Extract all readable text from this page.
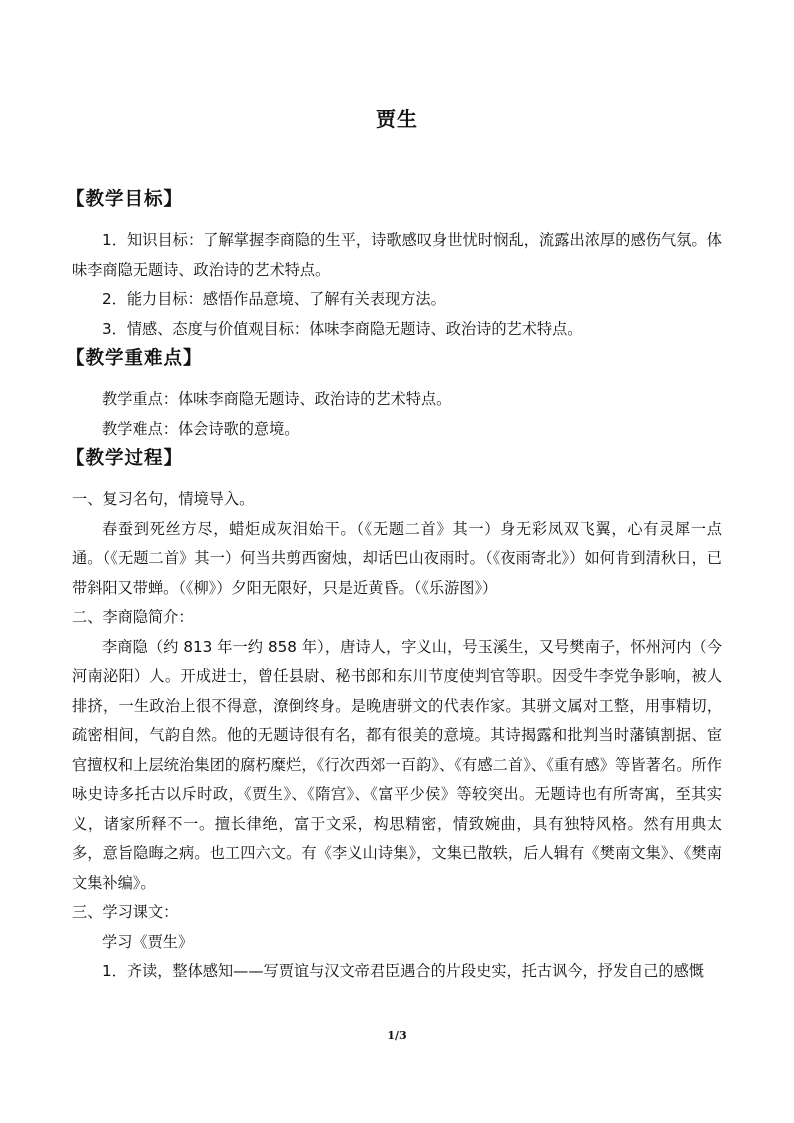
贾生
【教学目标】

1．知识目标：了解掌握李商隐的生平，诗歌感叹身世忧时悯乱，流露出浓厚的感伤气氛。体味李商隐无题诗、政治诗的艺术特点。

2．能力目标：感悟作品意境、了解有关表现方法。

3．情感、态度与价值观目标：体味李商隐无题诗、政治诗的艺术特点。

【教学重难点】

教学重点：体味李商隐无题诗、政治诗的艺术特点。

教学难点：体会诗歌的意境。

【教学过程】

一、复习名句，情境导入。

春蚕到死丝方尽，蜡炬成灰泪始干。（《无题二首》其一）身无彩凤双飞翼，心有灵犀一点通。（《无题二首》其一）何当共剪西窗烛，却话巴山夜雨时。（《夜雨寄北》）如何肯到清秋日，已带斜阳又带蝉。（《柳》）夕阳无限好，只是近黄昏。（《乐游图》）

二、李商隐简介：

李商隐（约 813 年一约 858 年），唐诗人，字义山，号玉溪生，又号樊南子，怀州河内（今河南泌阳）人。开成进士，曾任县尉、秘书郎和东川节度使判官等职。因受牛李党争影响，被人排挤，一生政治上很不得意，潦倒终身。是晚唐骈文的代表作家。其骈文属对工整，用事精切，疏密相间，气韵自然。他的无题诗很有名，都有很美的意境。其诗揭露和批判当时藩镇割据、宦官擅权和上层统治集团的腐朽糜烂，《行次西郊一百韵》、《有感二首》、《重有感》等皆著名。所作咏史诗多托古以斥时政，《贾生》、《隋宫》、《富平少侯》等较突出。无题诗也有所寄寓，至其实义，诸家所释不一。擅长律绝，富于文采，构思精密，情致婉曲，具有独特风格。然有用典太多，意旨隐晦之病。也工四六文。有《李义山诗集》，文集已散轶，后人辑有《樊南文集》、《樊南文集补编》。

三、学习课文：

学习《贾生》

1．齐读，整体感知——写贾谊与汉文帝君臣遇合的片段史实，托古讽今，抒发自己的感慨

1/3
